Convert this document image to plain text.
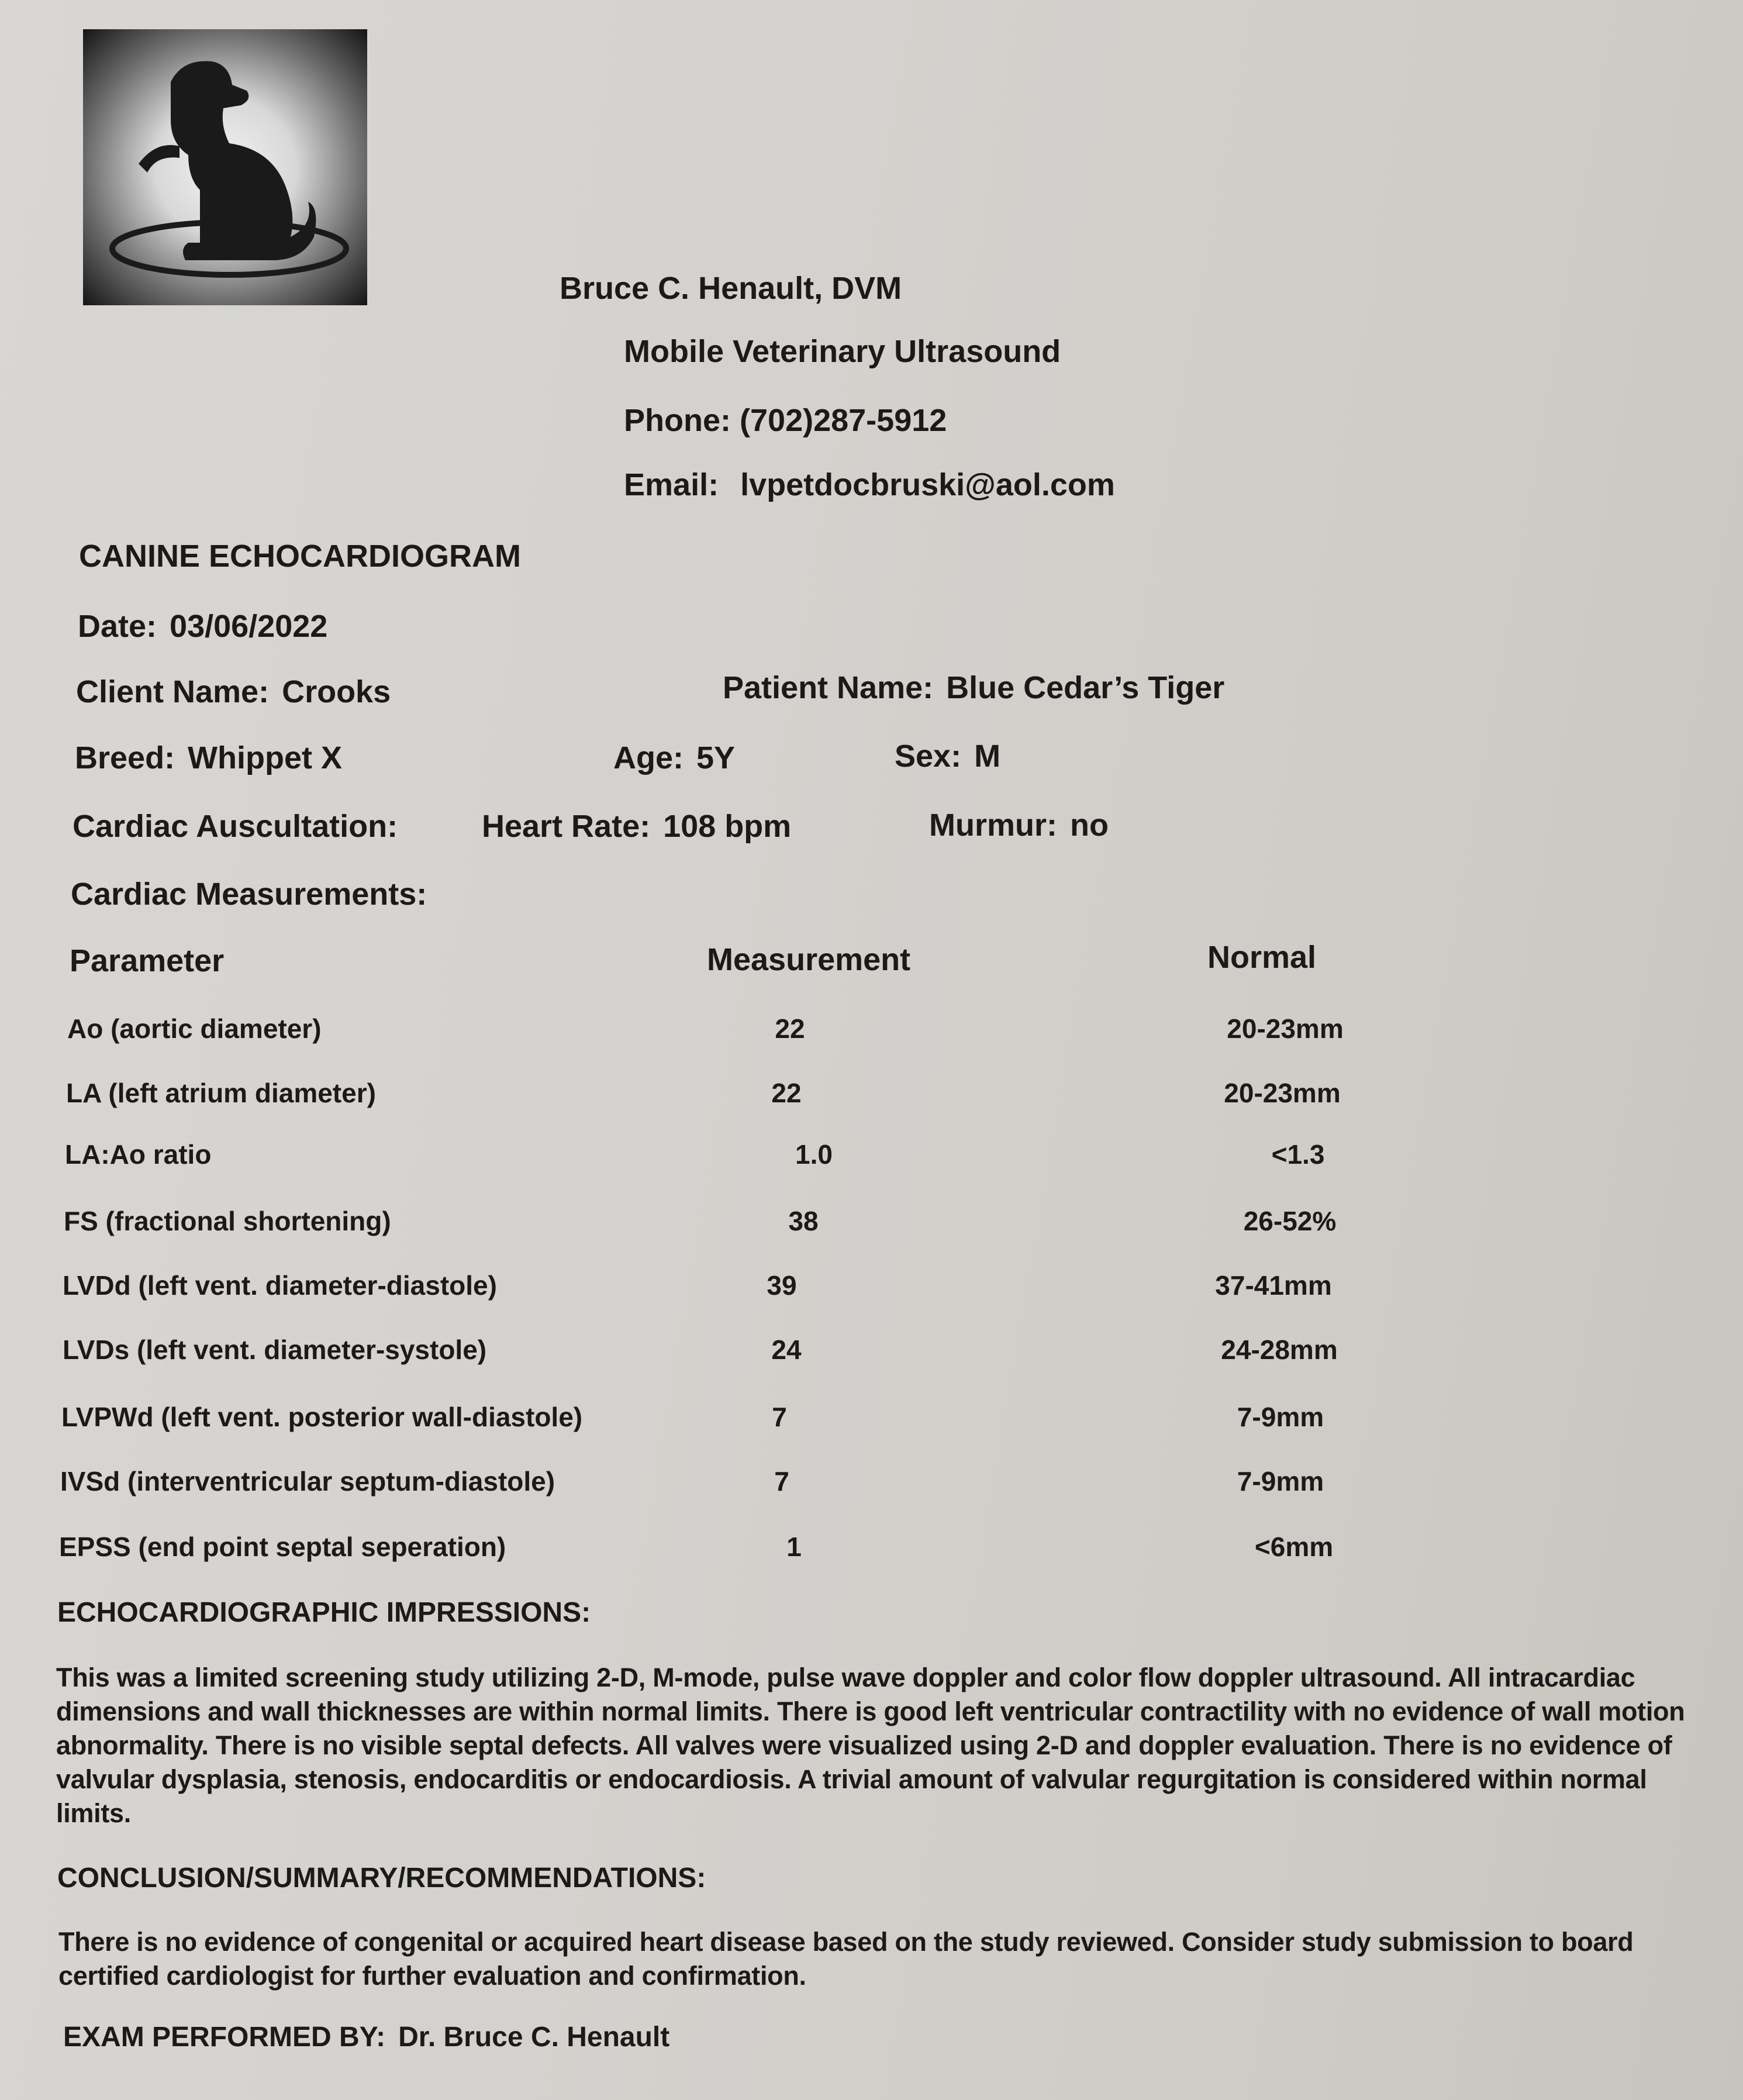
Bruce C. Henault, DVM
Mobile Veterinary Ultrasound
Phone: (702)287-5912
Email: lvpetdocbruski@aol.com
CANINE ECHOCARDIOGRAM
Date: 03/06/2022
Client Name: Crooks	Patient Name: Blue Cedar’s Tiger
Breed: Whippet X	Age: 5Y	Sex: M
Cardiac Auscultation:	Heart Rate: 108 bpm	Murmur: no
Cardiac Measurements:
Parameter	Measurement	Normal
Ao (aortic diameter)	22	20-23mm
LA (left atrium diameter)	22	20-23mm
LA:Ao ratio	1.0	<1.3
FS (fractional shortening)	38	26-52%
LVDd (left vent. diameter-diastole)	39	37-41mm
LVDs (left vent. diameter-systole)	24	24-28mm
LVPWd (left vent. posterior wall-diastole)	7	7-9mm
IVSd (interventricular septum-diastole)	7	7-9mm
EPSS (end point septal seperation)	1	<6mm
ECHOCARDIOGRAPHIC IMPRESSIONS:
This was a limited screening study utilizing 2-D, M-mode, pulse wave doppler and color flow doppler ultrasound. All intracardiac dimensions and wall thicknesses are within normal limits. There is good left ventricular contractility with no evidence of wall motion abnormality. There is no visible septal defects. All valves were visualized using 2-D and doppler evaluation. There is no evidence of valvular dysplasia, stenosis, endocarditis or endocardiosis. A trivial amount of valvular regurgitation is considered within normal limits.
CONCLUSION/SUMMARY/RECOMMENDATIONS:
There is no evidence of congenital or acquired heart disease based on the study reviewed. Consider study submission to board certified cardiologist for further evaluation and confirmation.
EXAM PERFORMED BY: Dr. Bruce C. Henault
